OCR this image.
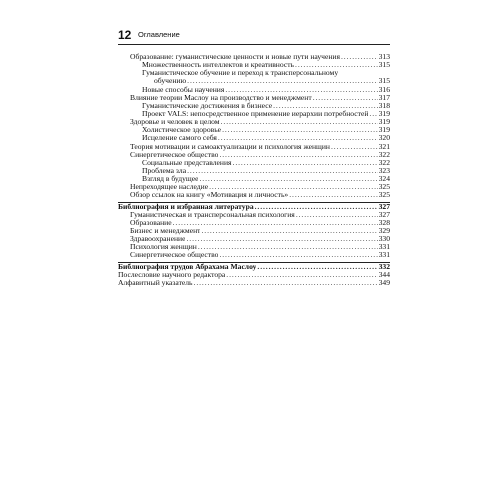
12 Оглавление
Образование: гуманистические ценности и новые пути научения . . .	313
Множественность интеллектов и креативность . . .	315
Гуманистическое обучение и переход к трансперсональному
обучению . . .	315
Новые способы научения . . .	316
Влияние теории Маслоу на производство и менеджмент . . .	317
Гуманистические достижения в бизнесе . . .	318
Проект VALS: непосредственное применение иерархии потребностей . . . 319
Здоровье и человек в целом . . .	319
Холистическое здоровье . . .	319
Исцеление самого себя . . .	320
Теория мотивации и самоактуализации и психология женщин . . .	321
Синергетическое общество . . .	322
Социальные представления . . .	322
Проблема зла . . .	323
Взгляд в будущее . . .	324
Непреходящее наследие . . .	325
Обзор ссылок на книгу «Мотивация и личность» . . .	325
Библиография и избранная литература . . .	327
Гуманистическая и трансперсональная психология . . .	327
Образование . . .	328
Бизнес и менеджмент . . .	329
Здравоохранение . . .	330
Психология женщин . . .	331
Синергетическое общество . . .	331
Библиография трудов Абрахама Маслоу . . .	332
Послесловие научного редактора . . .	344
Алфавитный указатель . . .	349
